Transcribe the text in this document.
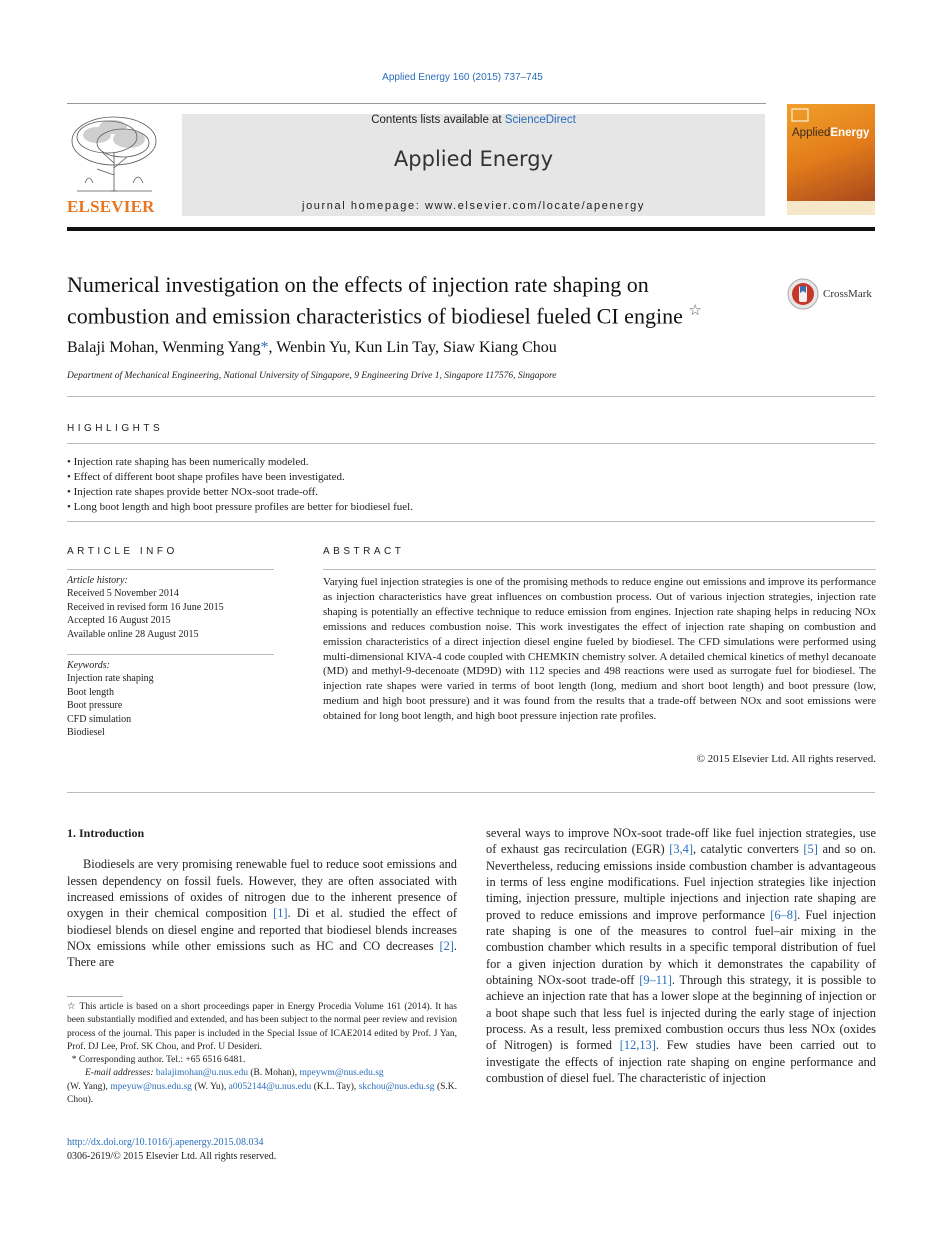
Applied Energy 160 (2015) 737–745
ELSEVIER
Contents lists available at ScienceDirect
Applied Energy
journal homepage: www.elsevier.com/locate/apenergy
AppliedEnergy
Numerical investigation on the effects of injection rate shaping on
combustion and emission characteristics of biodiesel fueled CI engine ☆
CrossMark
Balaji Mohan, Wenming Yang*, Wenbin Yu, Kun Lin Tay, Siaw Kiang Chou
Department of Mechanical Engineering, National University of Singapore, 9 Engineering Drive 1, Singapore 117576, Singapore
HIGHLIGHTS
• Injection rate shaping has been numerically modeled.
• Effect of different boot shape profiles have been investigated.
• Injection rate shapes provide better NOx-soot trade-off.
• Long boot length and high boot pressure profiles are better for biodiesel fuel.
ARTICLE INFO
Article history:
Received 5 November 2014
Received in revised form 16 June 2015
Accepted 16 August 2015
Available online 28 August 2015
Keywords:
Injection rate shaping
Boot length
Boot pressure
CFD simulation
Biodiesel
ABSTRACT
Varying fuel injection strategies is one of the promising methods to reduce engine out emissions and improve its performance as injection characteristics have great influences on combustion process. Out of various injection strategies, injection rate shaping is potentially an effective technique to reduce emission from engines. Injection rate shaping helps in reducing NOx emissions and reduces combustion noise. This work investigates the effect of injection rate shaping on combustion and emission characteristics of a direct injection diesel engine fueled by biodiesel. The CFD simulations were performed using multi-dimensional KIVA-4 code coupled with CHEMKIN chemistry solver. A detailed chemical kinetics of methyl decanoate (MD) and methyl-9-decenoate (MD9D) with 112 species and 498 reactions were used as surrogate fuel for biodiesel. The injection rate shapes were varied in terms of boot length (long, medium and short boot length) and boot pressure (low, medium and high boot pressure) and it was found from the results that a trade-off between NOx and soot emissions were obtained for long boot length, and high boot pressure injection rate profiles.
© 2015 Elsevier Ltd. All rights reserved.
1. Introduction
Biodiesels are very promising renewable fuel to reduce soot emissions and lessen dependency on fossil fuels. However, they are often associated with increased emissions of oxides of nitrogen due to the inherent presence of oxygen in their chemical composition [1]. Di et al. studied the effect of biodiesel blends on diesel engine and reported that biodiesel blends increases NOx emissions while other emissions such as HC and CO decreases [2]. There are
☆ This article is based on a short proceedings paper in Energy Procedia Volume 161 (2014). It has been substantially modified and extended, and has been subject to the normal peer review and revision process of the journal. This paper is included in the Special Issue of ICAE2014 edited by Prof. J Yan, Prof. DJ Lee, Prof. SK Chou, and Prof. U Desideri.
* Corresponding author. Tel.: +65 6516 6481.
E-mail addresses: balajimohan@u.nus.edu (B. Mohan), mpeywm@nus.edu.sg
(W. Yang), mpeyuw@nus.edu.sg (W. Yu), a0052144@u.nus.edu (K.L. Tay), skchou@nus.edu.sg (S.K. Chou).
http://dx.doi.org/10.1016/j.apenergy.2015.08.034
0306-2619/© 2015 Elsevier Ltd. All rights reserved.
several ways to improve NOx-soot trade-off like fuel injection strategies, use of exhaust gas recirculation (EGR) [3,4], catalytic converters [5] and so on. Nevertheless, reducing emissions inside combustion chamber is advantageous in terms of less engine modifications. Fuel injection strategies like injection timing, injection pressure, multiple injections and injection rate shaping are proved to reduce emissions and improve performance [6–8]. Fuel injection rate shaping is one of the measures to control fuel–air mixing in the combustion chamber which results in a specific temporal distribution of fuel for a given injection duration by which it demonstrates the capability of obtaining NOx-soot trade-off [9–11]. Through this strategy, it is possible to achieve an injection rate that has a lower slope at the beginning of injection or a boot shape such that less fuel is injected during the early stage of injection process. As a result, less premixed combustion occurs thus less NOx (oxides of Nitrogen) is formed [12,13]. Few studies have been carried out to investigate the effects of injection rate shaping on engine performance and combustion of diesel fuel. The characteristic of injection
